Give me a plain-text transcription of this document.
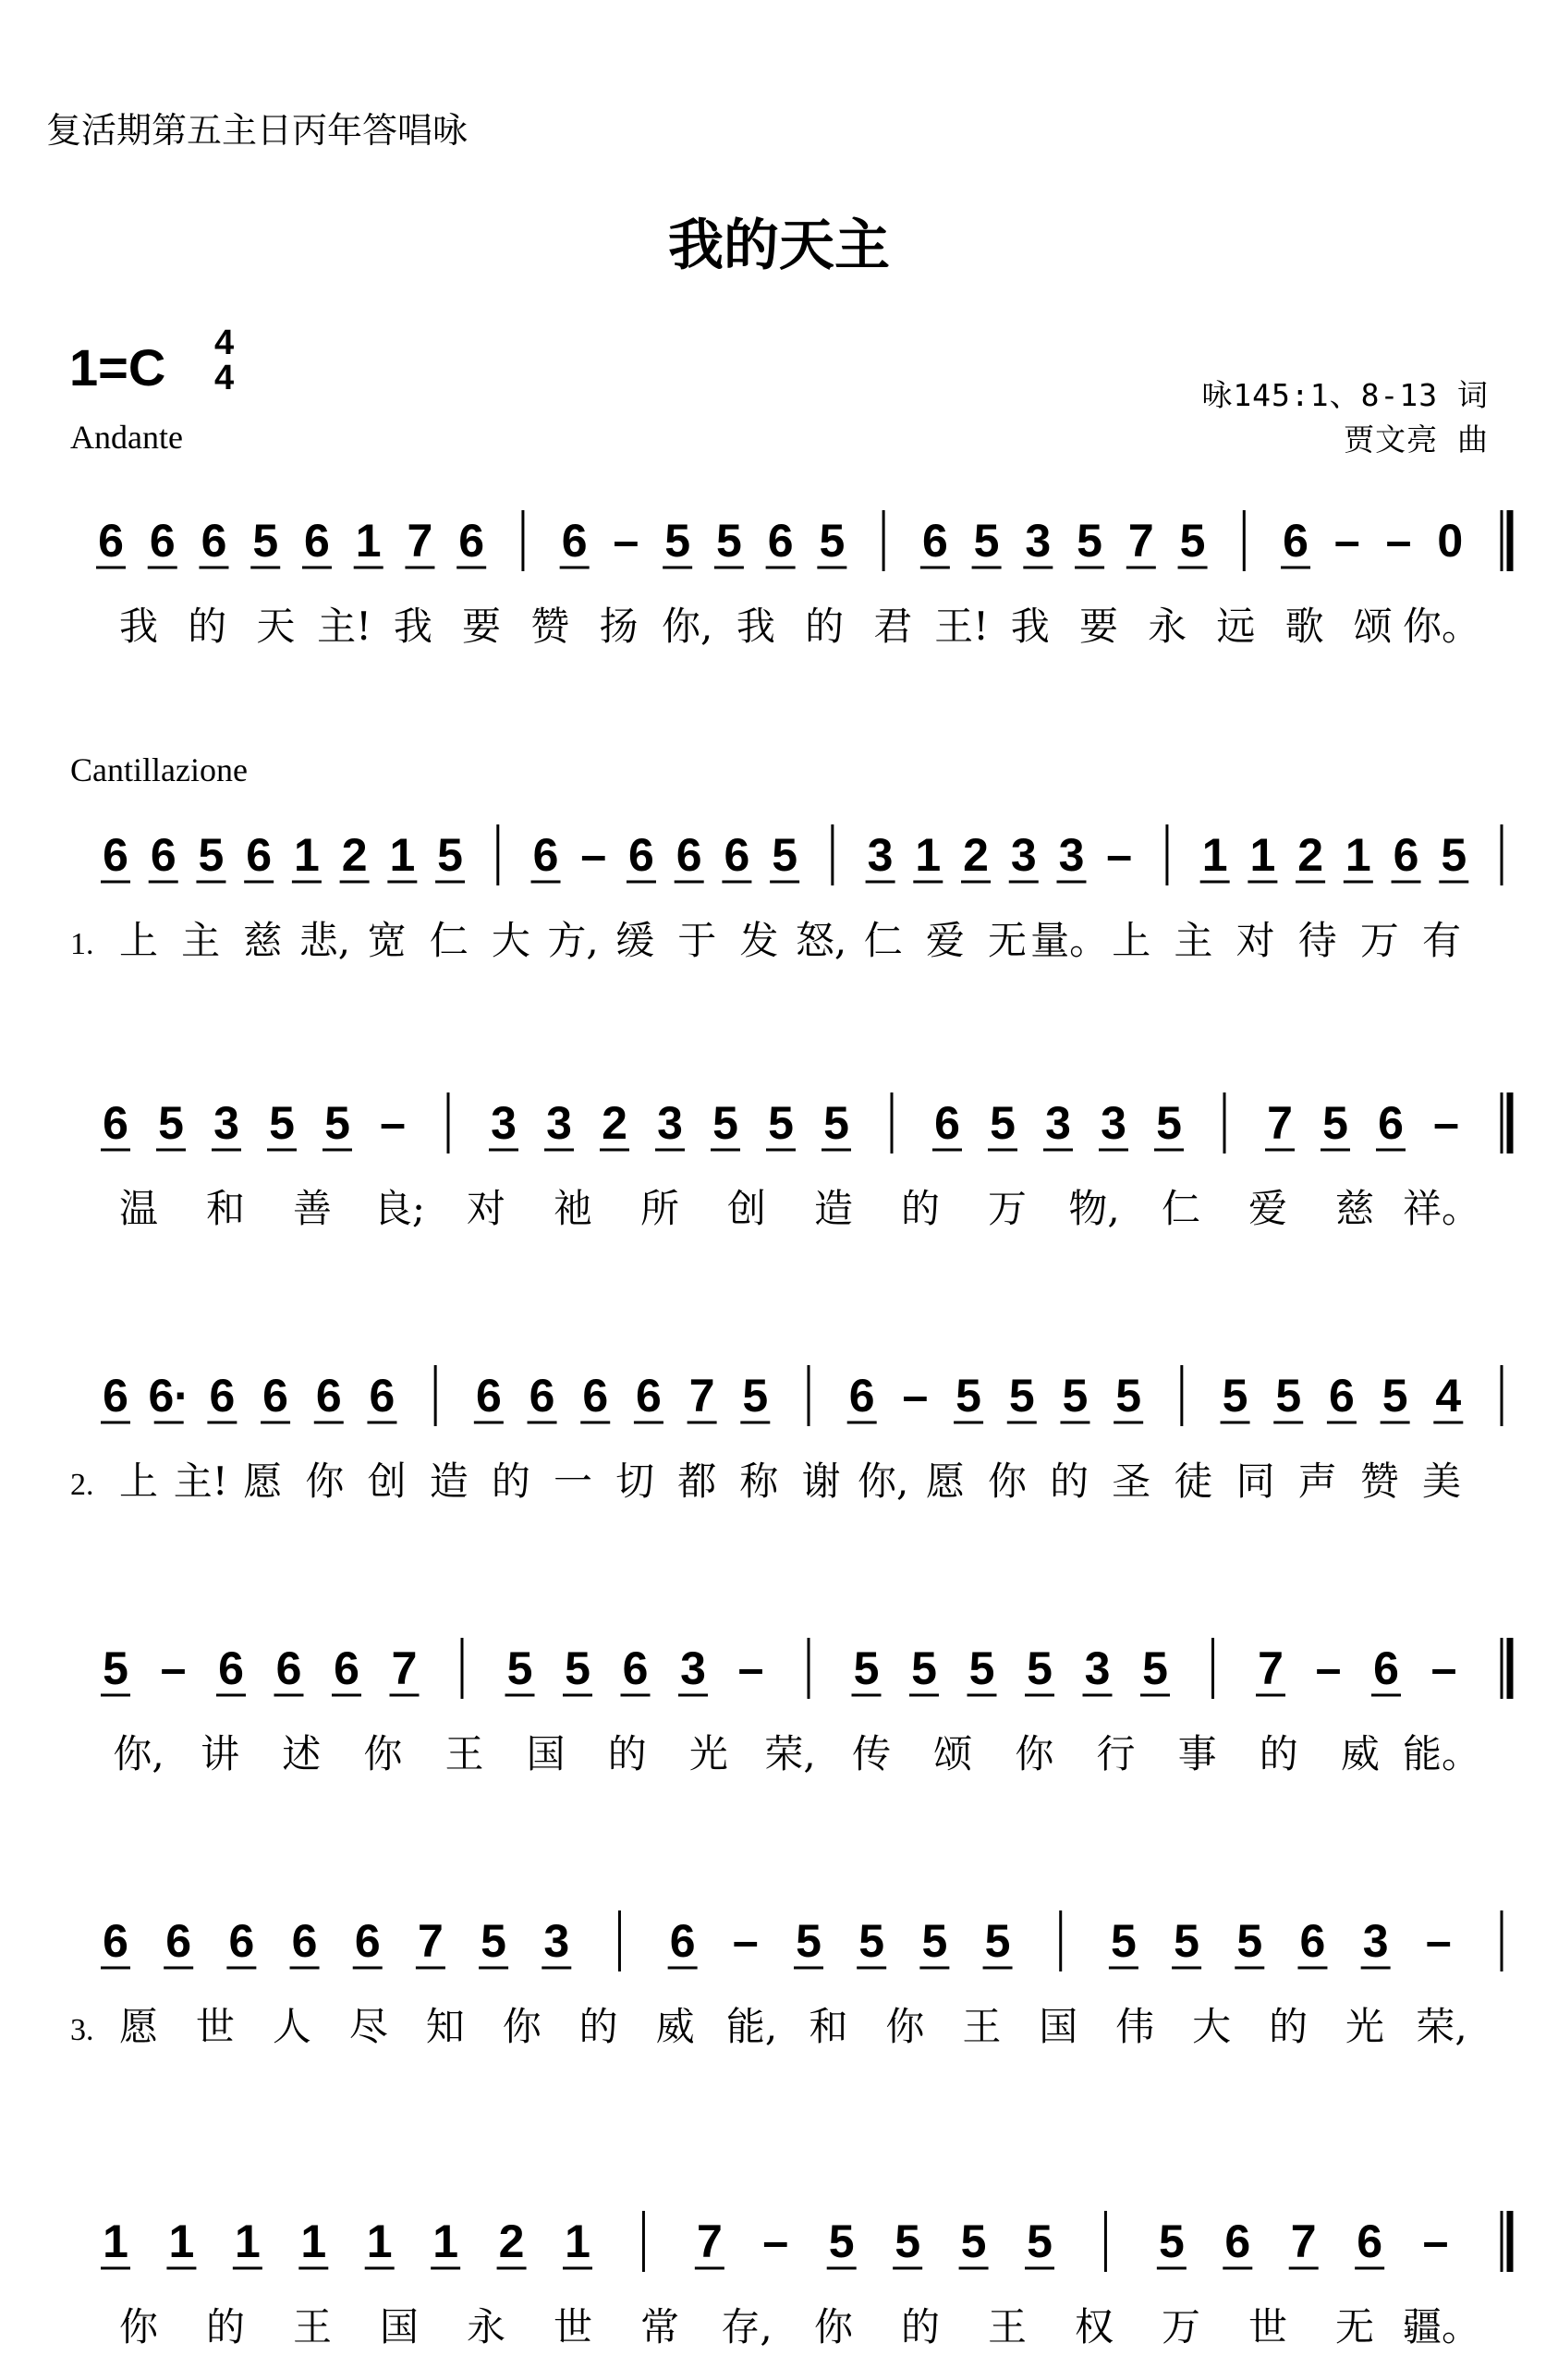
复活期第五主日丙年答唱咏
我的天主
1=C 4
4
Andante
咏145:1、8-13 词
贾文亮 曲
Cantillazione
6 6 6 5 6 1 7 6 6 – 5 5 6 5 6 5 3 5 7 5 6 – – 0
我 的 天 主! 我 要 赞 扬 你, 我 的 君 王! 我 要 永 远 歌 颂 你。
6 6 5 6 1 2 1 5 6 – 6 6 6 5 3 1 2 3 3 – 1 1 2 1 6 5
1. 上 主 慈 悲, 宽 仁 大 方, 缓 于 发 怒, 仁 爱 无 量。 上 主 对 待 万 有
6 5 3 5 5 – 3 3 2 3 5 5 5 6 5 3 3 5 7 5 6 –
温 和 善 良; 对 祂 所 创 造 的 万 物, 仁 爱 慈 祥。
6 6· 6 6 6 6 6 6 6 6 7 5 6 – 5 5 5 5 5 5 6 5 4
2. 上 主! 愿 你 创 造 的 一 切 都 称 谢 你, 愿 你 的 圣 徒 同 声 赞 美
5 – 6 6 6 7 5 5 6 3 – 5 5 5 5 3 5 7 – 6 –
你, 讲 述 你 王 国 的 光 荣, 传 颂 你 行 事 的 威 能。
6 6 6 6 6 7 5 3 6 – 5 5 5 5 5 5 5 6 3 –
3. 愿 世 人 尽 知 你 的 威 能, 和 你 王 国 伟 大 的 光 荣,
1 1 1 1 1 1 2 1 7 – 5 5 5 5 5 6 7 6 –
你 的 王 国 永 世 常 存, 你 的 王 权 万 世 无 疆。
